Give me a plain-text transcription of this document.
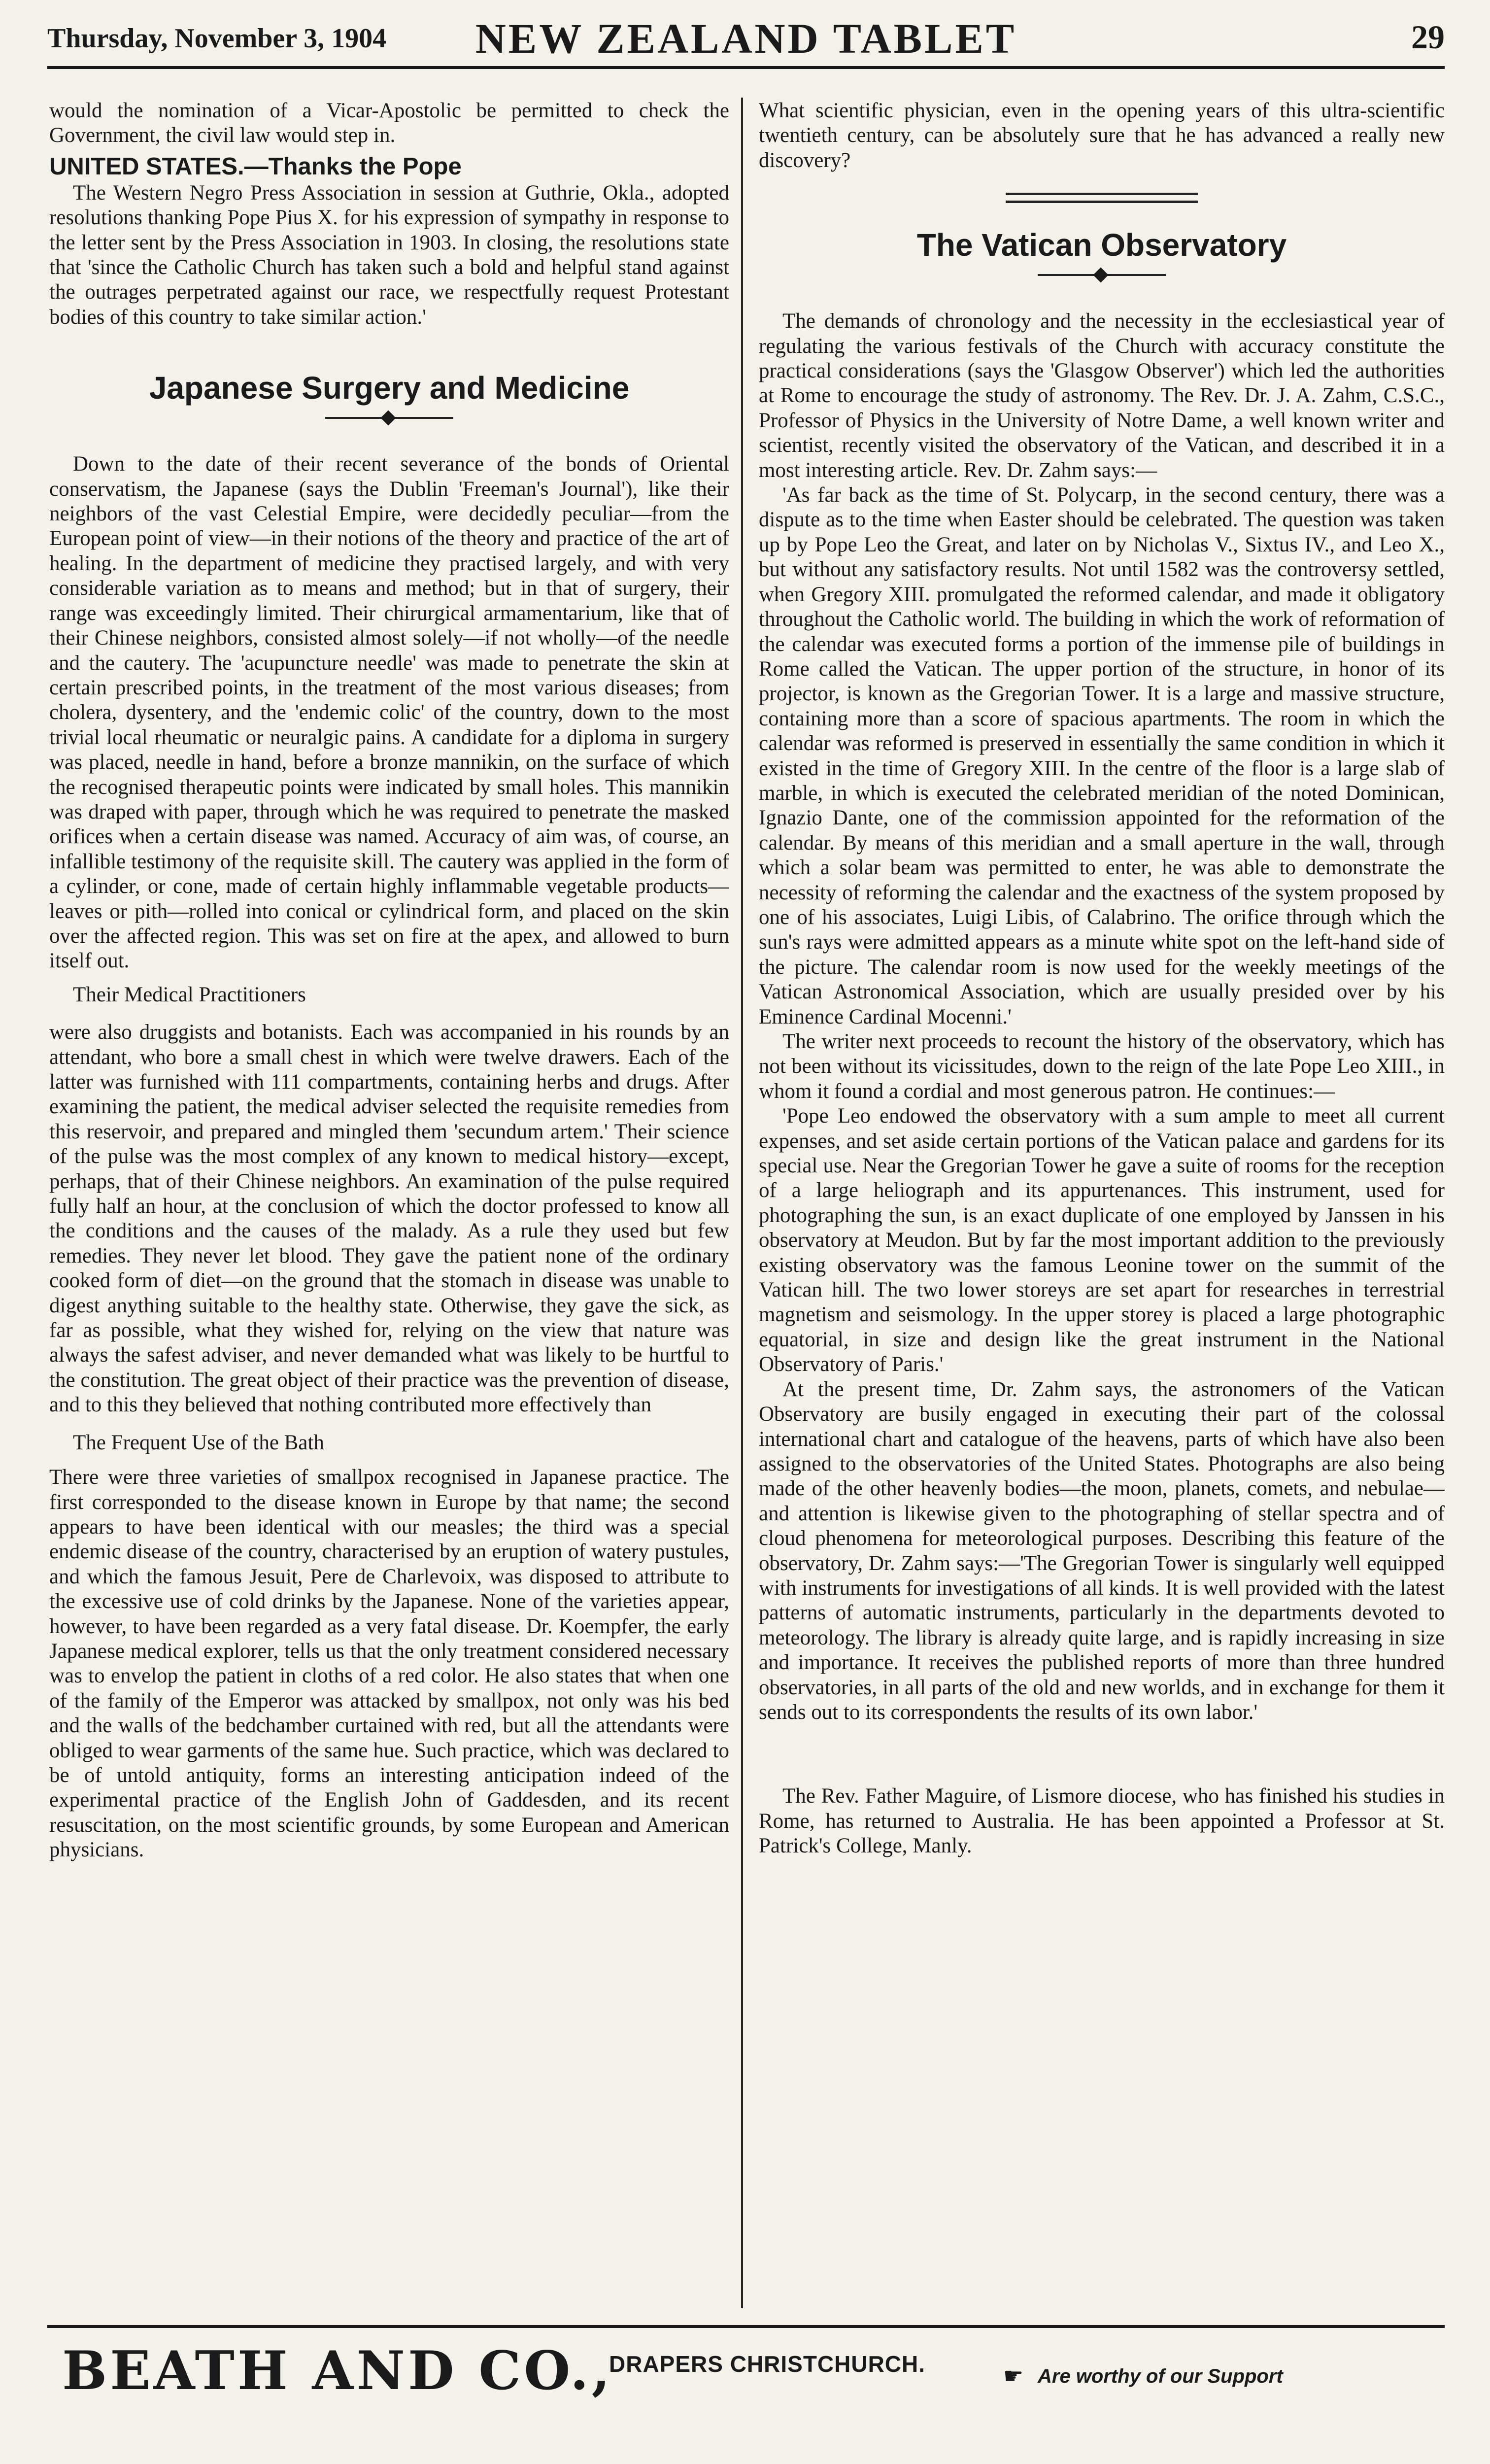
Thursday, November 3, 1904	NEW ZEALAND TABLET	29

would the nomination of a Vicar-Apostolic be permitted to check the Government, the civil law would step in.

UNITED STATES.—Thanks the Pope

The Western Negro Press Association in session at Guthrie, Okla., adopted resolutions thanking Pope Pius X. for his expression of sympathy in response to the letter sent by the Press Association in 1903. In closing, the resolutions state that 'since the Catholic Church has taken such a bold and helpful stand against the outrages perpetrated against our race, we respectfully request Protestant bodies of this country to take similar action.'

Japanese Surgery and Medicine

Down to the date of their recent severance of the bonds of Oriental conservatism, the Japanese (says the Dublin 'Freeman's Journal'), like their neighbors of the vast Celestial Empire, were decidedly peculiar—from the European point of view—in their notions of the theory and practice of the art of healing. In the department of medicine they practised largely, and with very considerable variation as to means and method; but in that of surgery, their range was exceedingly limited. Their chirurgical armamentarium, like that of their Chinese neighbors, consisted almost solely—if not wholly—of the needle and the cautery. The 'acupuncture needle' was made to penetrate the skin at certain prescribed points, in the treatment of the most various diseases; from cholera, dysentery, and the 'endemic colic' of the country, down to the most trivial local rheumatic or neuralgic pains. A candidate for a diploma in surgery was placed, needle in hand, before a bronze mannikin, on the surface of which the recognised therapeutic points were indicated by small holes. This mannikin was draped with paper, through which he was required to penetrate the masked orifices when a certain disease was named. Accuracy of aim was, of course, an infallible testimony of the requisite skill. The cautery was applied in the form of a cylinder, or cone, made of certain highly inflammable vegetable products—leaves or pith—rolled into conical or cylindrical form, and placed on the skin over the affected region. This was set on fire at the apex, and allowed to burn itself out.

Their Medical Practitioners

were also druggists and botanists. Each was accompanied in his rounds by an attendant, who bore a small chest in which were twelve drawers. Each of the latter was furnished with 111 compartments, containing herbs and drugs. After examining the patient, the medical adviser selected the requisite remedies from this reservoir, and prepared and mingled them 'secundum artem.' Their science of the pulse was the most complex of any known to medical history—except, perhaps, that of their Chinese neighbors. An examination of the pulse required fully half an hour, at the conclusion of which the doctor professed to know all the conditions and the causes of the malady. As a rule they used but few remedies. They never let blood. They gave the patient none of the ordinary cooked form of diet—on the ground that the stomach in disease was unable to digest anything suitable to the healthy state. Otherwise, they gave the sick, as far as possible, what they wished for, relying on the view that nature was always the safest adviser, and never demanded what was likely to be hurtful to the constitution. The great object of their practice was the prevention of disease, and to this they believed that nothing contributed more effectively than

The Frequent Use of the Bath

There were three varieties of smallpox recognised in Japanese practice. The first corresponded to the disease known in Europe by that name; the second appears to have been identical with our measles; the third was a special endemic disease of the country, characterised by an eruption of watery pustules, and which the famous Jesuit, Pere de Charlevoix, was disposed to attribute to the excessive use of cold drinks by the Japanese. None of the varieties appear, however, to have been regarded as a very fatal disease. Dr. Koempfer, the early Japanese medical explorer, tells us that the only treatment considered necessary was to envelop the patient in cloths of a red color. He also states that when one of the family of the Emperor was attacked by smallpox, not only was his bed and the walls of the bedchamber curtained with red, but all the attendants were obliged to wear garments of the same hue. Such practice, which was declared to be of untold antiquity, forms an interesting anticipation indeed of the experimental practice of the English John of Gaddesden, and its recent resuscitation, on the most scientific grounds, by some European and American physicians.

What scientific physician, even in the opening years of this ultra-scientific twentieth century, can be absolutely sure that he has advanced a really new discovery?

The Vatican Observatory

The demands of chronology and the necessity in the ecclesiastical year of regulating the various festivals of the Church with accuracy constitute the practical considerations (says the 'Glasgow Observer') which led the authorities at Rome to encourage the study of astronomy. The Rev. Dr. J. A. Zahm, C.S.C., Professor of Physics in the University of Notre Dame, a well known writer and scientist, recently visited the observatory of the Vatican, and described it in a most interesting article. Rev. Dr. Zahm says:—

'As far back as the time of St. Polycarp, in the second century, there was a dispute as to the time when Easter should be celebrated. The question was taken up by Pope Leo the Great, and later on by Nicholas V., Sixtus IV., and Leo X., but without any satisfactory results. Not until 1582 was the controversy settled, when Gregory XIII. promulgated the reformed calendar, and made it obligatory throughout the Catholic world. The building in which the work of reformation of the calendar was executed forms a portion of the immense pile of buildings in Rome called the Vatican. The upper portion of the structure, in honor of its projector, is known as the Gregorian Tower. It is a large and massive structure, containing more than a score of spacious apartments. The room in which the calendar was reformed is preserved in essentially the same condition in which it existed in the time of Gregory XIII. In the centre of the floor is a large slab of marble, in which is executed the celebrated meridian of the noted Dominican, Ignazio Dante, one of the commission appointed for the reformation of the calendar. By means of this meridian and a small aperture in the wall, through which a solar beam was permitted to enter, he was able to demonstrate the necessity of reforming the calendar and the exactness of the system proposed by one of his associates, Luigi Libis, of Calabrino. The orifice through which the sun's rays were admitted appears as a minute white spot on the left-hand side of the picture. The calendar room is now used for the weekly meetings of the Vatican Astronomical Association, which are usually presided over by his Eminence Cardinal Mocenni.'

The writer next proceeds to recount the history of the observatory, which has not been without its vicissitudes, down to the reign of the late Pope Leo XIII., in whom it found a cordial and most generous patron. He continues:—

'Pope Leo endowed the observatory with a sum ample to meet all current expenses, and set aside certain portions of the Vatican palace and gardens for its special use. Near the Gregorian Tower he gave a suite of rooms for the reception of a large heliograph and its appurtenances. This instrument, used for photographing the sun, is an exact duplicate of one employed by Janssen in his observatory at Meudon. But by far the most important addition to the previously existing observatory was the famous Leonine tower on the summit of the Vatican hill. The two lower storeys are set apart for researches in terrestrial magnetism and seismology. In the upper storey is placed a large photographic equatorial, in size and design like the great instrument in the National Observatory of Paris.'

At the present time, Dr. Zahm says, the astronomers of the Vatican Observatory are busily engaged in executing their part of the colossal international chart and catalogue of the heavens, parts of which have also been assigned to the observatories of the United States. Photographs are also being made of the other heavenly bodies—the moon, planets, comets, and nebulae—and attention is likewise given to the photographing of stellar spectra and of cloud phenomena for meteorological purposes. Describing this feature of the observatory, Dr. Zahm says:—'The Gregorian Tower is singularly well equipped with instruments for investigations of all kinds. It is well provided with the latest patterns of automatic instruments, particularly in the departments devoted to meteorology. The library is already quite large, and is rapidly increasing in size and importance. It receives the published reports of more than three hundred observatories, in all parts of the old and new worlds, and in exchange for them it sends out to its correspondents the results of its own labor.'

The Rev. Father Maguire, of Lismore diocese, who has finished his studies in Rome, has returned to Australia. He has been appointed a Professor at St. Patrick's College, Manly.

BEATH AND CO.,
DRAPERS CHRISTCHURCH.	☛ Are worthy of our Support
